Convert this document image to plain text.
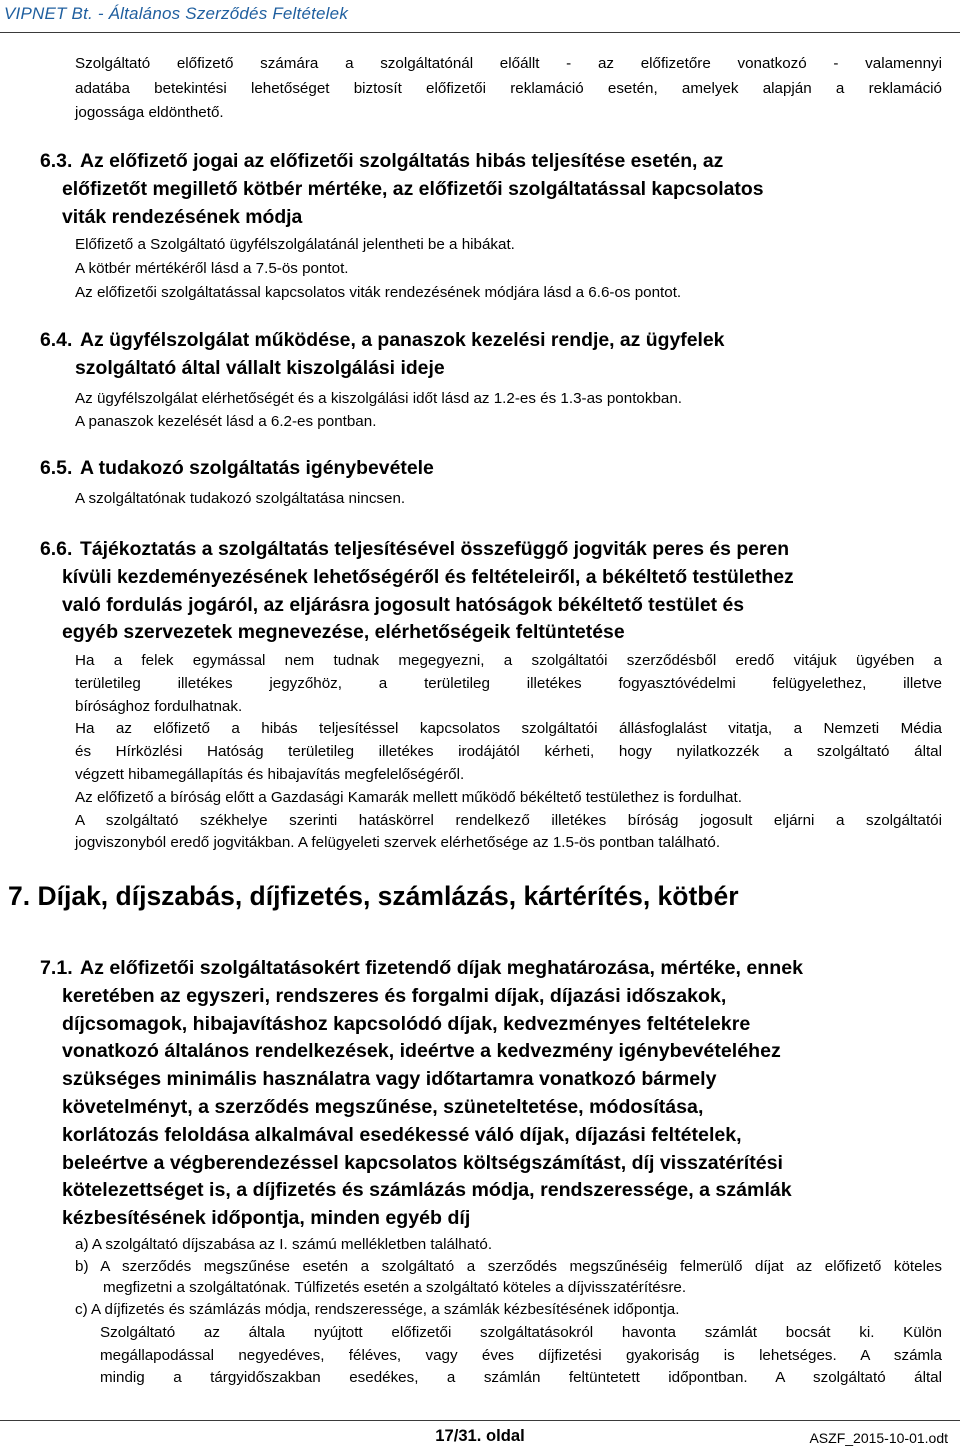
VIPNET Bt. - Általános Szerződés Feltételek
Szolgáltató előfizető számára a szolgáltatónál előállt - az előfizetőre vonatkozó - valamennyi
adatába betekintési lehetőséget biztosít előfizetői reklamáció esetén, amelyek alapján a reklamáció
jogossága eldönthető.
6.3. Az előfizető jogai az előfizetői szolgáltatás hibás teljesítése esetén, az
előfizetőt megillető kötbér mértéke, az előfizetői szolgáltatással kapcsolatos
viták rendezésének módja
Előfizető a Szolgáltató ügyfélszolgálatánál jelentheti be a hibákat.
A kötbér mértékéről lásd a 7.5-ös pontot.
Az előfizetői szolgáltatással kapcsolatos viták rendezésének módjára lásd a 6.6-os pontot.
6.4. Az ügyfélszolgálat működése, a panaszok kezelési rendje, az ügyfelek
szolgáltató által vállalt kiszolgálási ideje
Az ügyfélszolgálat elérhetőségét és a kiszolgálási időt lásd az 1.2-es és 1.3-as pontokban.
A panaszok kezelését lásd a 6.2-es pontban.
6.5. A tudakozó szolgáltatás igénybevétele
A szolgáltatónak tudakozó szolgáltatása nincsen.
6.6. Tájékoztatás a szolgáltatás teljesítésével összefüggő jogviták peres és peren
kívüli kezdeményezésének lehetőségéről és feltételeiről, a békéltető testülethez
való fordulás jogáról, az eljárásra jogosult hatóságok békéltető testület és
egyéb szervezetek megnevezése, elérhetőségeik feltüntetése
Ha a felek egymással nem tudnak megegyezni, a szolgáltatói szerződésből eredő vitájuk ügyében a
területileg illetékes jegyzőhöz, a területileg illetékes fogyasztóvédelmi felügyelethez, illetve
bírósághoz fordulhatnak.
Ha az előfizető a hibás teljesítéssel kapcsolatos szolgáltatói állásfoglalást vitatja, a Nemzeti Média
és Hírközlési Hatóság területileg illetékes irodájától kérheti, hogy nyilatkozzék a szolgáltató által
végzett hibamegállapítás és hibajavítás megfelelőségéről.
Az előfizető a bíróság előtt a Gazdasági Kamarák mellett működő békéltető testülethez is fordulhat.
A szolgáltató székhelye szerinti hatáskörrel rendelkező illetékes bíróság jogosult eljárni a szolgáltatói
jogviszonyból eredő jogvitákban. A felügyeleti szervek elérhetősége az 1.5-ös pontban található.
7. Díjak, díjszabás, díjfizetés, számlázás, kártérítés, kötbér
7.1. Az előfizetői szolgáltatásokért fizetendő díjak meghatározása, mértéke, ennek
keretében az egyszeri, rendszeres és forgalmi díjak, díjazási időszakok,
díjcsomagok, hibajavításhoz kapcsolódó díjak, kedvezményes feltételekre
vonatkozó általános rendelkezések, ideértve a kedvezmény igénybevételéhez
szükséges minimális használatra vagy időtartamra vonatkozó bármely
követelményt, a szerződés megszűnése, szüneteltetése, módosítása,
korlátozás feloldása alkalmával esedékessé váló díjak, díjazási feltételek,
beleértve a végberendezéssel kapcsolatos költségszámítást, díj visszatérítési
kötelezettséget is, a díjfizetés és számlázás módja, rendszeressége, a számlák
kézbesítésének időpontja, minden egyéb díj
a) A szolgáltató díjszabása az I. számú mellékletben található.
b) A szerződés megszűnése esetén a szolgáltató a szerződés megszűnéséig felmerülő díjat az előfizető köteles
megfizetni a szolgáltatónak. Túlfizetés esetén a szolgáltató köteles a díjvisszatérítésre.
c) A díjfizetés és számlázás módja, rendszeressége, a számlák kézbesítésének időpontja.
Szolgáltató az általa nyújtott előfizetői szolgáltatásokról havonta számlát bocsát ki. Külön
megállapodással negyedéves, féléves, vagy éves díjfizetési gyakoriság is lehetséges. A számla
mindig a tárgyidőszakban esedékes, a számlán feltüntetett időpontban. A szolgáltató által
17/31. oldal	ASZF_2015-10-01.odt
